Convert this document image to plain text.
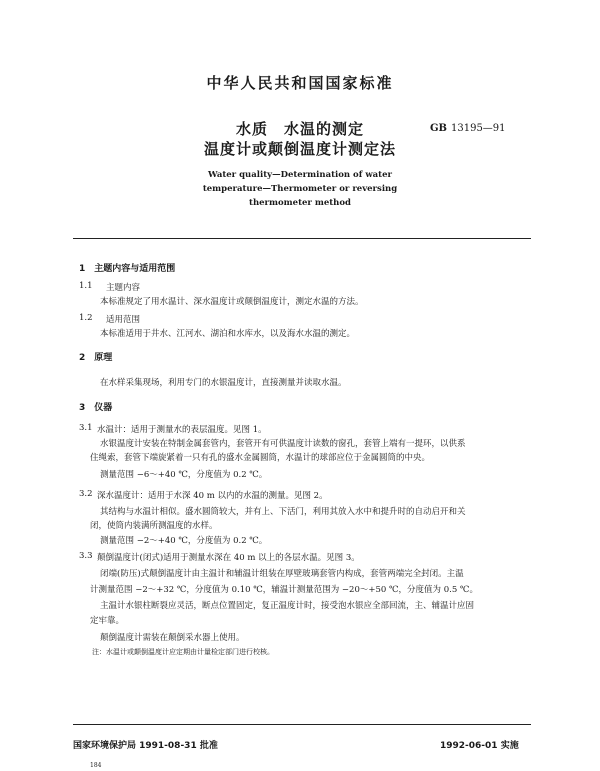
中华人民共和国国家标准
水质　水温的测定
温度计或颠倒温度计测定法
GB 13195—91
Water quality—Determination of water
temperature—Thermometer or reversing
thermometer method
1　主题内容与适用范围
1.1 主题内容
本标准规定了用水温计、深水温度计或颠倒温度计，测定水温的方法。
1.2 适用范围
本标准适用于井水、江河水、湖泊和水库水，以及海水水温的测定。
2　原理
在水样采集现场，利用专门的水银温度计，直接测量并读取水温。
3　仪器
3.1 水温计：适用于测量水的表层温度。见图 1。
水银温度计安装在特制金属套管内，套管开有可供温度计读数的窗孔，套管上端有一提环，以供系
住绳索，套管下端旋紧着一只有孔的盛水金属圆筒，水温计的球部应位于金属圆筒的中央。
测量范围 −6～+40 ℃，分度值为 0.2 ℃。
3.2 深水温度计：适用于水深 40 m 以内的水温的测量。见图 2。
其结构与水温计相似。盛水圆筒较大，并有上、下活门，利用其放入水中和提升时的自动启开和关
闭，使筒内装满所测温度的水样。
测量范围 −2～+40 ℃，分度值为 0.2 ℃。
3.3 颠倒温度计(闭式)适用于测量水深在 40 m 以上的各层水温。见图 3。
闭端(防压)式颠倒温度计由主温计和辅温计组装在厚壁玻璃套管内构成，套管两端完全封闭。主温
计测量范围 −2～+32 ℃，分度值为 0.10 ℃，辅温计测量范围为 −20～+50 ℃，分度值为 0.5 ℃。
主温计水银柱断裂应灵活，断点位置固定，复正温度计时，接受泡水银应全部回流，主、辅温计应固
定牢靠。
颠倒温度计需装在颠倒采水器上使用。
注：水温计或颠倒温度计应定期由计量检定部门进行校核。
国家环境保护局 1991-08-31 批准	1992-06-01 实施
184
